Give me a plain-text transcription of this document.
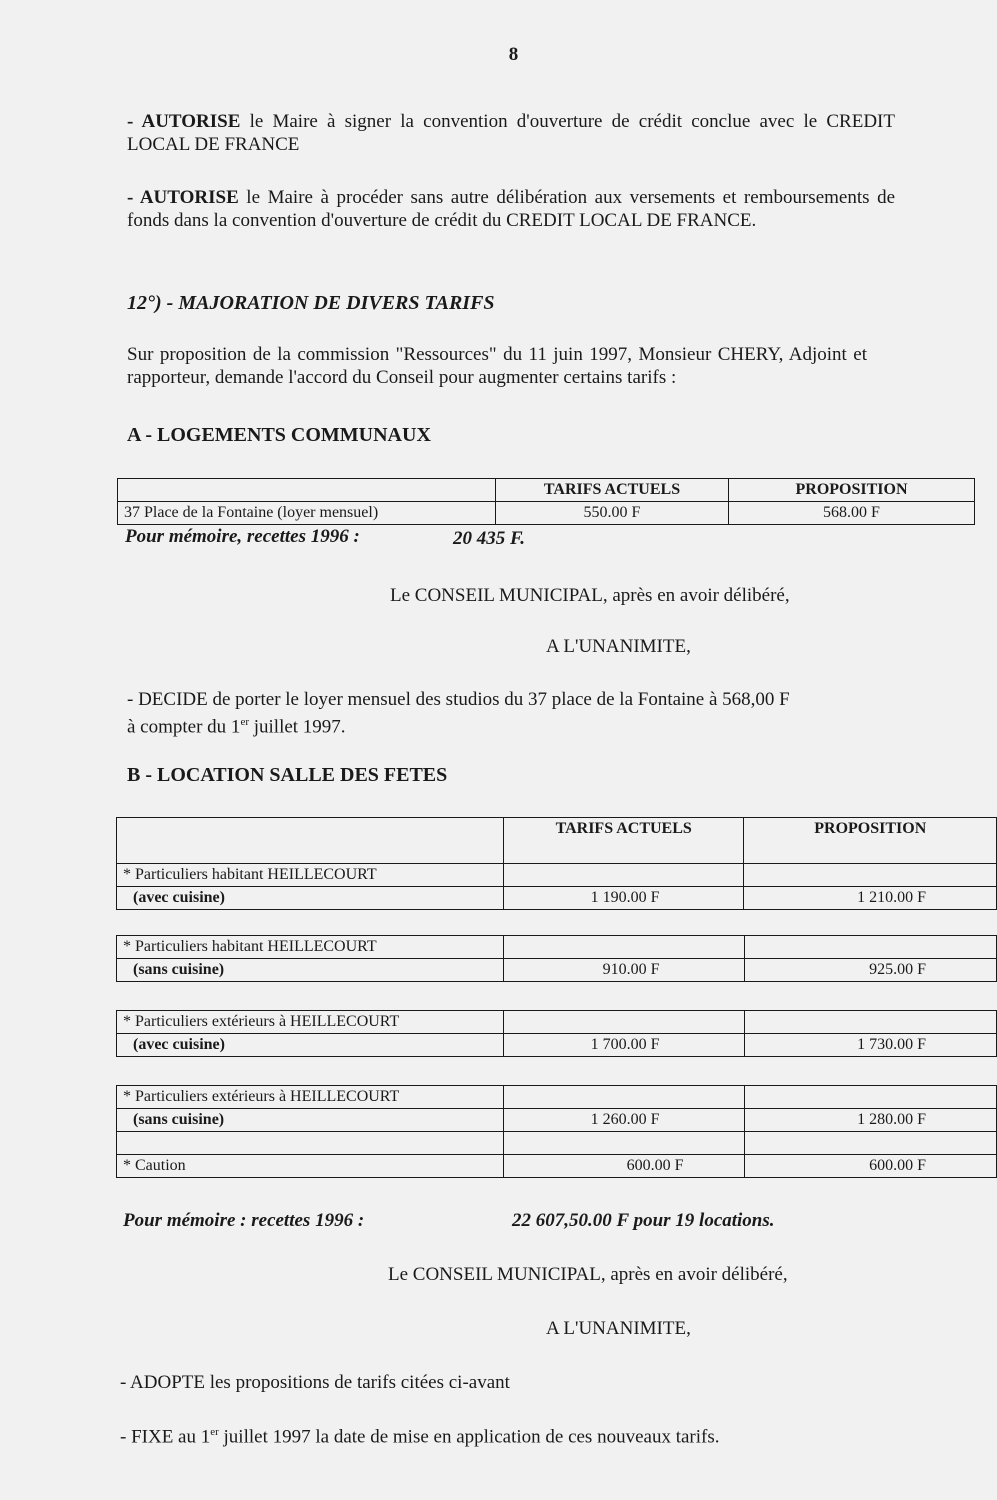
8
- AUTORISE le Maire à signer la convention d'ouverture de crédit conclue avec le CREDIT LOCAL DE FRANCE
- AUTORISE le Maire à procéder sans autre délibération aux versements et remboursements de fonds dans la convention d'ouverture de crédit du CREDIT LOCAL DE FRANCE.
12°) - MAJORATION DE DIVERS TARIFS
Sur proposition de la commission "Ressources" du 11 juin 1997, Monsieur CHERY, Adjoint et rapporteur, demande l'accord du Conseil pour augmenter certains tarifs :
A - LOGEMENTS COMMUNAUX
	TARIFS ACTUELS	PROPOSITION
37 Place de la Fontaine (loyer mensuel)	550.00 F	568.00 F
Pour mémoire, recettes 1996 :	20 435 F.
Le CONSEIL MUNICIPAL, après en avoir délibéré,
A L'UNANIMITE,
- DECIDE de porter le loyer mensuel des studios du 37 place de la Fontaine à 568,00 F
à compter du 1er juillet 1997.
B - LOCATION SALLE DES FETES
	TARIFS ACTUELS	PROPOSITION
* Particuliers habitant HEILLECOURT		
(avec cuisine)	1 190.00 F	1 210.00 F
* Particuliers habitant HEILLECOURT		
(sans cuisine)	910.00 F	925.00 F
* Particuliers extérieurs à HEILLECOURT		
(avec cuisine)	1 700.00 F	1 730.00 F
* Particuliers extérieurs à HEILLECOURT		
(sans cuisine)	1 260.00 F	1 280.00 F

* Caution	600.00 F	600.00 F
Pour mémoire : recettes 1996 :	22 607,50.00 F pour 19 locations.
Le CONSEIL MUNICIPAL, après en avoir délibéré,
A L'UNANIMITE,
- ADOPTE les propositions de tarifs citées ci-avant
- FIXE au 1er juillet 1997 la date de mise en application de ces nouveaux tarifs.
